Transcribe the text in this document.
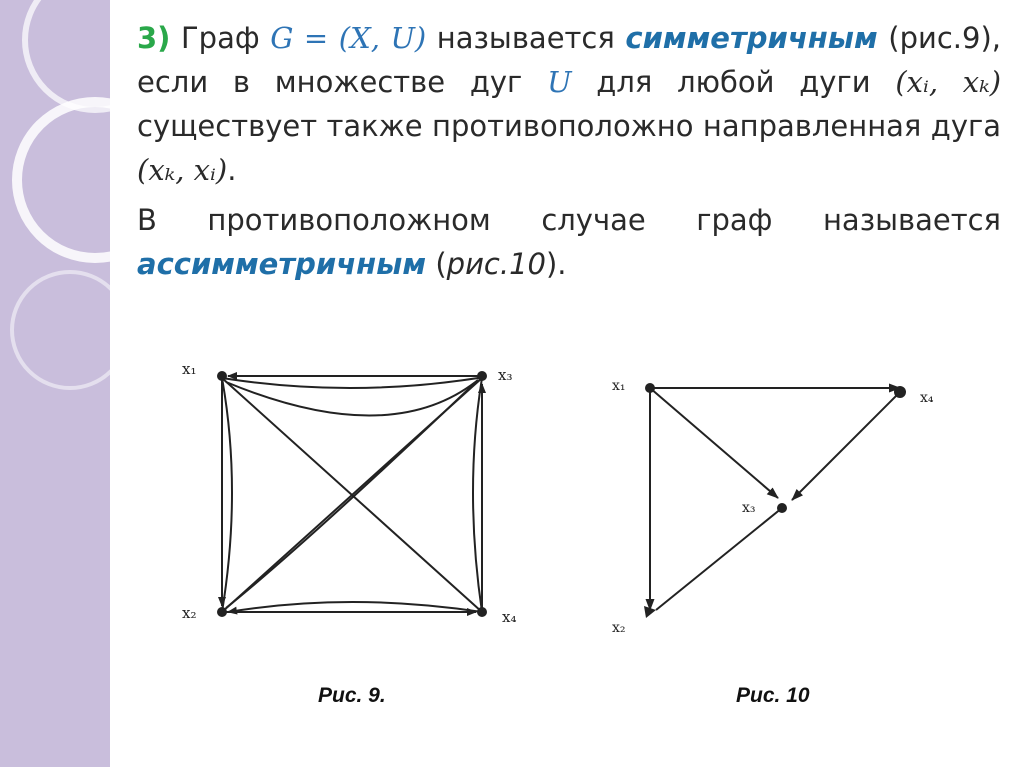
3) Граф G = (X, U) называется симметричным (рис.9), если в множестве дуг U для любой дуги (xᵢ, xₖ) существует также противоположно направленная дуга (xₖ, xᵢ).

В противоположном случае граф называется ассимметричным (рис.10).

x₁
x₂
x₃
x₄
x₁
x₂
x₃
x₄
Рис. 9.	Рис. 10
